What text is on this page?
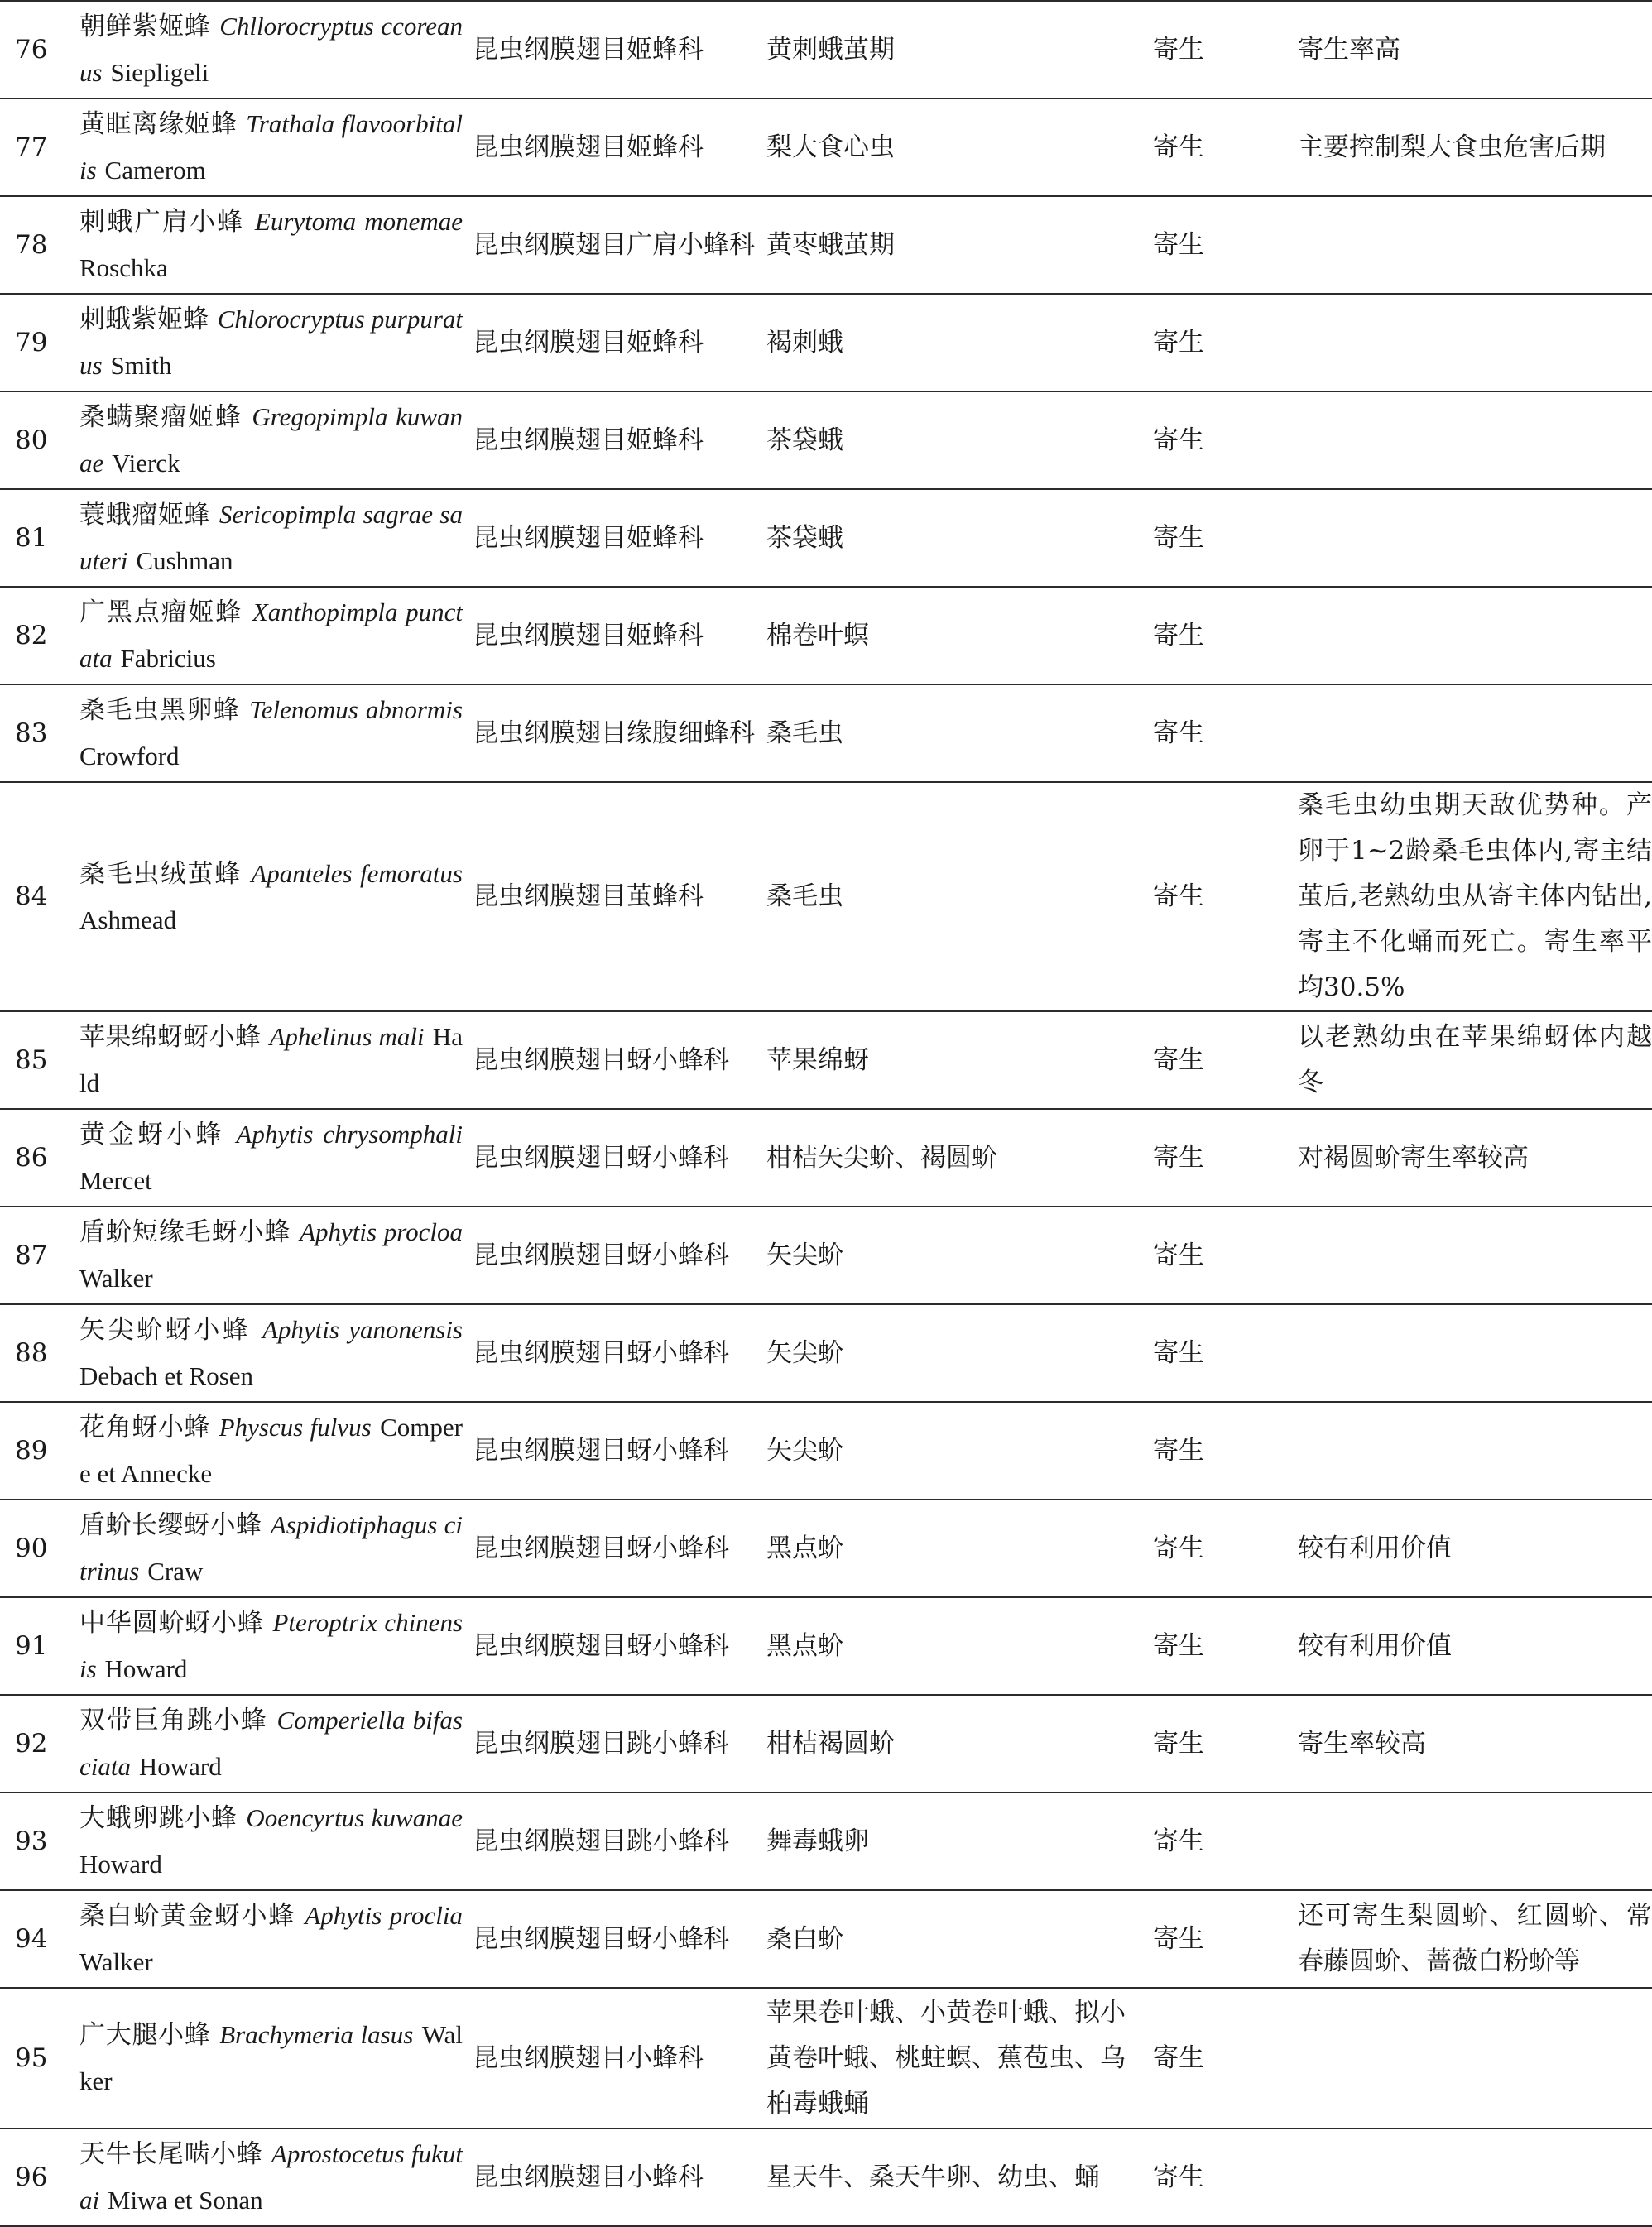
76	朝鲜紫姬蜂 Chllorocryptus ccoreanus Siepligeli	昆虫纲膜翅目姬蜂科	黄刺蛾茧期	寄生	寄生率高
77	黄眶离缘姬蜂 Trathala flavoorbitalis Camerom	昆虫纲膜翅目姬蜂科	梨大食心虫	寄生	主要控制梨大食虫危害后期
78	刺蛾广肩小蜂 Eurytoma monemae Roschka	昆虫纲膜翅目广肩小蜂科	黄枣蛾茧期	寄生	
79	刺蛾紫姬蜂 Chlorocryptus purpuratus Smith	昆虫纲膜翅目姬蜂科	褐刺蛾	寄生	
80	桑螨聚瘤姬蜂 Gregopimpla kuwanae Vierck	昆虫纲膜翅目姬蜂科	茶袋蛾	寄生	
81	蓑蛾瘤姬蜂 Sericopimpla sagrae sauteri Cushman	昆虫纲膜翅目姬蜂科	茶袋蛾	寄生	
82	广黑点瘤姬蜂 Xanthopimpla punctata Fabricius	昆虫纲膜翅目姬蜂科	棉卷叶螟	寄生	
83	桑毛虫黑卵蜂 Telenomus abnormis Crowford	昆虫纲膜翅目缘腹细蜂科	桑毛虫	寄生	
84	桑毛虫绒茧蜂 Apanteles femoratus Ashmead	昆虫纲膜翅目茧蜂科	桑毛虫	寄生	桑毛虫幼虫期天敌优势种。产卵于1~2龄桑毛虫体内,寄主结茧后,老熟幼虫从寄主体内钻出,寄主不化蛹而死亡。寄生率平均30.5%
85	苹果绵蚜蚜小蜂 Aphelinus mali Hald	昆虫纲膜翅目蚜小蜂科	苹果绵蚜	寄生	以老熟幼虫在苹果绵蚜体内越冬
86	黄金蚜小蜂 Aphytis chrysomphali Mercet	昆虫纲膜翅目蚜小蜂科	柑桔矢尖蚧、褐圆蚧	寄生	对褐圆蚧寄生率较高
87	盾蚧短缘毛蚜小蜂 Aphytis procloa Walker	昆虫纲膜翅目蚜小蜂科	矢尖蚧	寄生	
88	矢尖蚧蚜小蜂 Aphytis yanonensis Debach et Rosen	昆虫纲膜翅目蚜小蜂科	矢尖蚧	寄生	
89	花角蚜小蜂 Physcus fulvus Compere et Annecke	昆虫纲膜翅目蚜小蜂科	矢尖蚧	寄生	
90	盾蚧长缨蚜小蜂 Aspidiotiphagus citrinus Craw	昆虫纲膜翅目蚜小蜂科	黑点蚧	寄生	较有利用价值
91	中华圆蚧蚜小蜂 Pteroptrix chinensis Howard	昆虫纲膜翅目蚜小蜂科	黑点蚧	寄生	较有利用价值
92	双带巨角跳小蜂 Comperiella bifasciata Howard	昆虫纲膜翅目跳小蜂科	柑桔褐圆蚧	寄生	寄生率较高
93	大蛾卵跳小蜂 Ooencyrtus kuwanae Howard	昆虫纲膜翅目跳小蜂科	舞毒蛾卵	寄生	
94	桑白蚧黄金蚜小蜂 Aphytis proclia Walker	昆虫纲膜翅目蚜小蜂科	桑白蚧	寄生	还可寄生梨圆蚧、红圆蚧、常春藤圆蚧、蔷薇白粉蚧等
95	广大腿小蜂 Brachymeria lasus Walker	昆虫纲膜翅目小蜂科	苹果卷叶蛾、小黄卷叶蛾、拟小黄卷叶蛾、桃蛀螟、蕉苞虫、乌桕毒蛾蛹	寄生	
96	天牛长尾啮小蜂 Aprostocetus fukutai Miwa et Sonan	昆虫纲膜翅目小蜂科	星天牛、桑天牛卵、幼虫、蛹	寄生	
